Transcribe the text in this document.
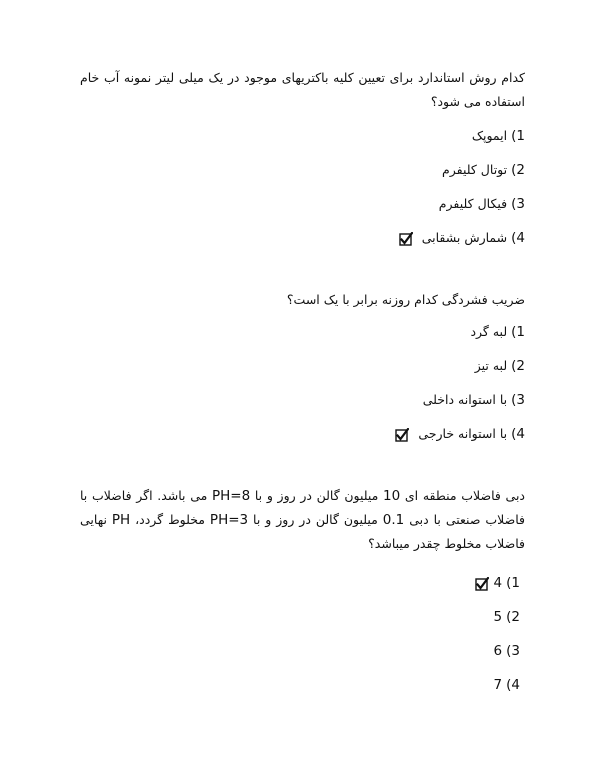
کدام روش استاندارد برای تعیین کلیه باکتریهای موجود در یک میلی لیتر نمونه آب خام استفاده می شود؟

1)
ایموپک
2)
توتال کلیفرم
3)
فیکال کلیفرم
4)
شمارش بشقابی

ضریب فشردگی کدام روزنه برابر با یک است؟

1)
لبه گرد
2)
لبه تیز
3)
با استوانه داخلی
4)
با استوانه خارجی

دبی فاضلاب منطقه ای 10 میلیون گالن در روز و با PH=8 می باشد. اگر فاضلاب با فاضلاب صنعتی با دبی 0.1 میلیون گالن در روز و با PH=3 مخلوط گردد، PH نهایی فاضلاب مخلوط چقدر میباشد؟

1)
4
2)
5
3)
6
4)
7
